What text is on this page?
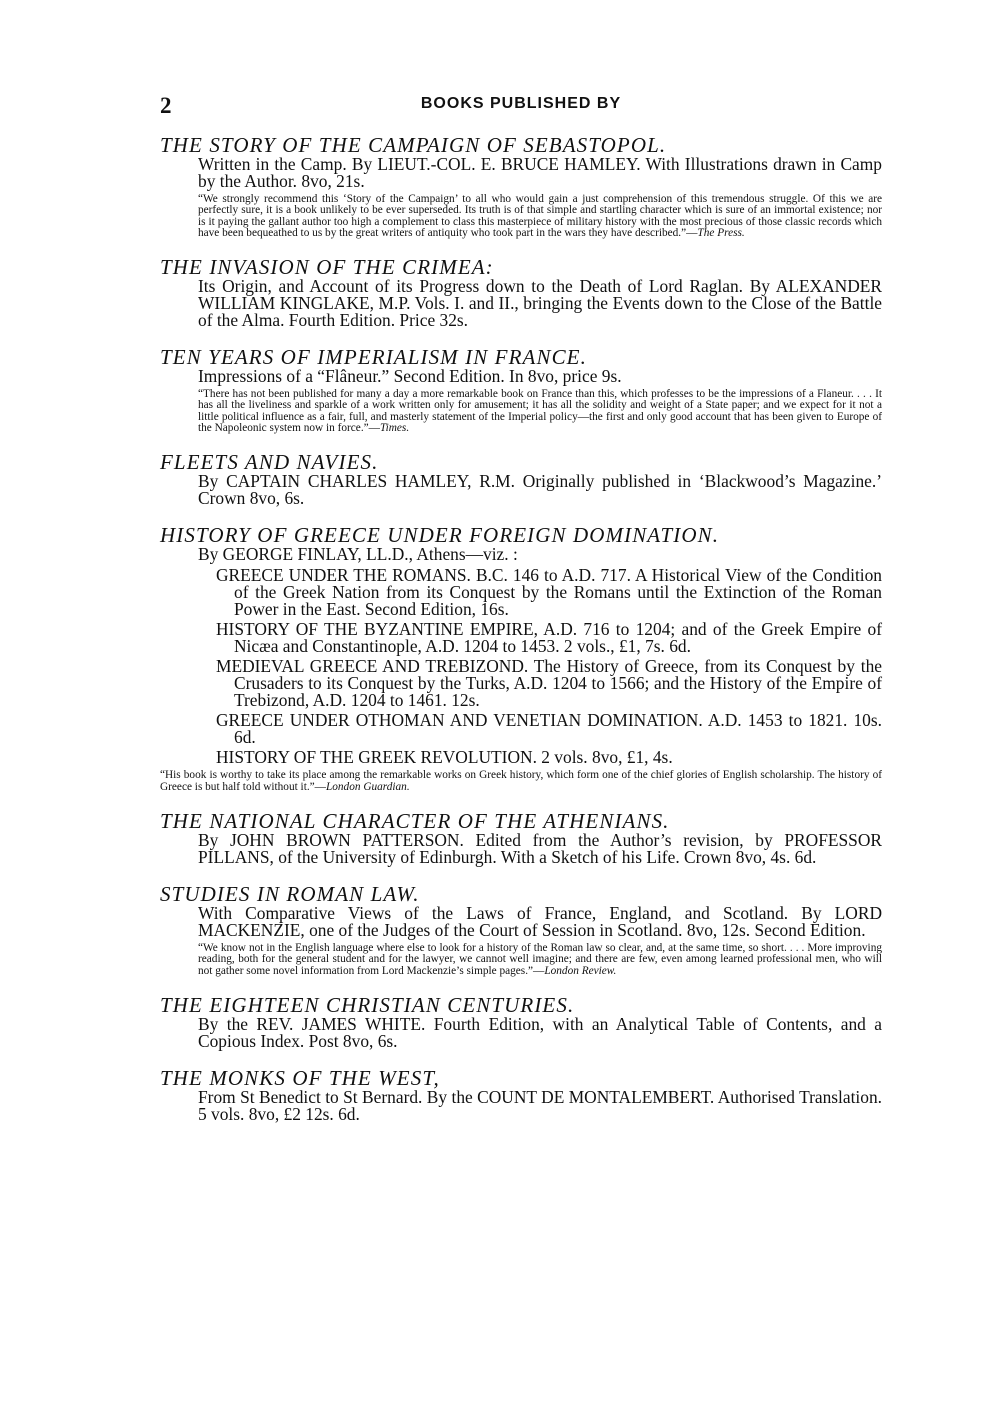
2	BOOKS PUBLISHED BY
THE STORY OF THE CAMPAIGN OF SEBASTOPOL.
Written in the Camp. By LIEUT.-COL. E. BRUCE HAMLEY. With Illustrations drawn in Camp by the Author. 8vo, 21s.
“We strongly recommend this ‘Story of the Campaign’ to all who would gain a just comprehension of this tremendous struggle. Of this we are perfectly sure, it is a book unlikely to be ever superseded. Its truth is of that simple and startling character which is sure of an immortal existence; nor is it paying the gallant author too high a complement to class this masterpiece of military history with the most precious of those classic records which have been bequeathed to us by the great writers of antiquity who took part in the wars they have described.”—The Press.
THE INVASION OF THE CRIMEA:
Its Origin, and Account of its Progress down to the Death of Lord Raglan. By ALEXANDER WILLIAM KINGLAKE, M.P. Vols. I. and II., bringing the Events down to the Close of the Battle of the Alma. Fourth Edition. Price 32s.
TEN YEARS OF IMPERIALISM IN FRANCE.
Impressions of a “Flâneur.” Second Edition. In 8vo, price 9s.
“There has not been published for many a day a more remarkable book on France than this, which professes to be the impressions of a Flaneur. . . . It has all the liveliness and sparkle of a work written only for amusement; it has all the solidity and weight of a State paper; and we expect for it not a little political influence as a fair, full, and masterly statement of the Imperial policy—the first and only good account that has been given to Europe of the Napoleonic system now in force.”—Times.
FLEETS AND NAVIES.
By CAPTAIN CHARLES HAMLEY, R.M. Originally published in ‘Blackwood’s Magazine.’ Crown 8vo, 6s.
HISTORY OF GREECE UNDER FOREIGN DOMINATION.
By GEORGE FINLAY, LL.D., Athens—viz. :
GREECE UNDER THE ROMANS. B.C. 146 to A.D. 717. A Historical View of the Condition of the Greek Nation from its Conquest by the Romans until the Extinction of the Roman Power in the East. Second Edition, 16s.
HISTORY OF THE BYZANTINE EMPIRE, A.D. 716 to 1204; and of the Greek Empire of Nicæa and Constantinople, A.D. 1204 to 1453. 2 vols., £1, 7s. 6d.
MEDIEVAL GREECE AND TREBIZOND. The History of Greece, from its Conquest by the Crusaders to its Conquest by the Turks, A.D. 1204 to 1566; and the History of the Empire of Trebizond, A.D. 1204 to 1461. 12s.
GREECE UNDER OTHOMAN AND VENETIAN DOMINATION. A.D. 1453 to 1821. 10s. 6d.
HISTORY OF THE GREEK REVOLUTION. 2 vols. 8vo, £1, 4s.
“His book is worthy to take its place among the remarkable works on Greek history, which form one of the chief glories of English scholarship. The history of Greece is but half told without it.”—London Guardian.
THE NATIONAL CHARACTER OF THE ATHENIANS.
By JOHN BROWN PATTERSON. Edited from the Author’s revision, by PROFESSOR PILLANS, of the University of Edinburgh. With a Sketch of his Life. Crown 8vo, 4s. 6d.
STUDIES IN ROMAN LAW.
With Comparative Views of the Laws of France, England, and Scotland. By LORD MACKENZIE, one of the Judges of the Court of Session in Scotland. 8vo, 12s. Second Edition.
“We know not in the English language where else to look for a history of the Roman law so clear, and, at the same time, so short. . . . More improving reading, both for the general student and for the lawyer, we cannot well imagine; and there are few, even among learned professional men, who will not gather some novel information from Lord Mackenzie’s simple pages.”—London Review.
THE EIGHTEEN CHRISTIAN CENTURIES.
By the REV. JAMES WHITE. Fourth Edition, with an Analytical Table of Contents, and a Copious Index. Post 8vo, 6s.
THE MONKS OF THE WEST,
From St Benedict to St Bernard. By the COUNT DE MONTALEMBERT. Authorised Translation. 5 vols. 8vo, £2 12s. 6d.
